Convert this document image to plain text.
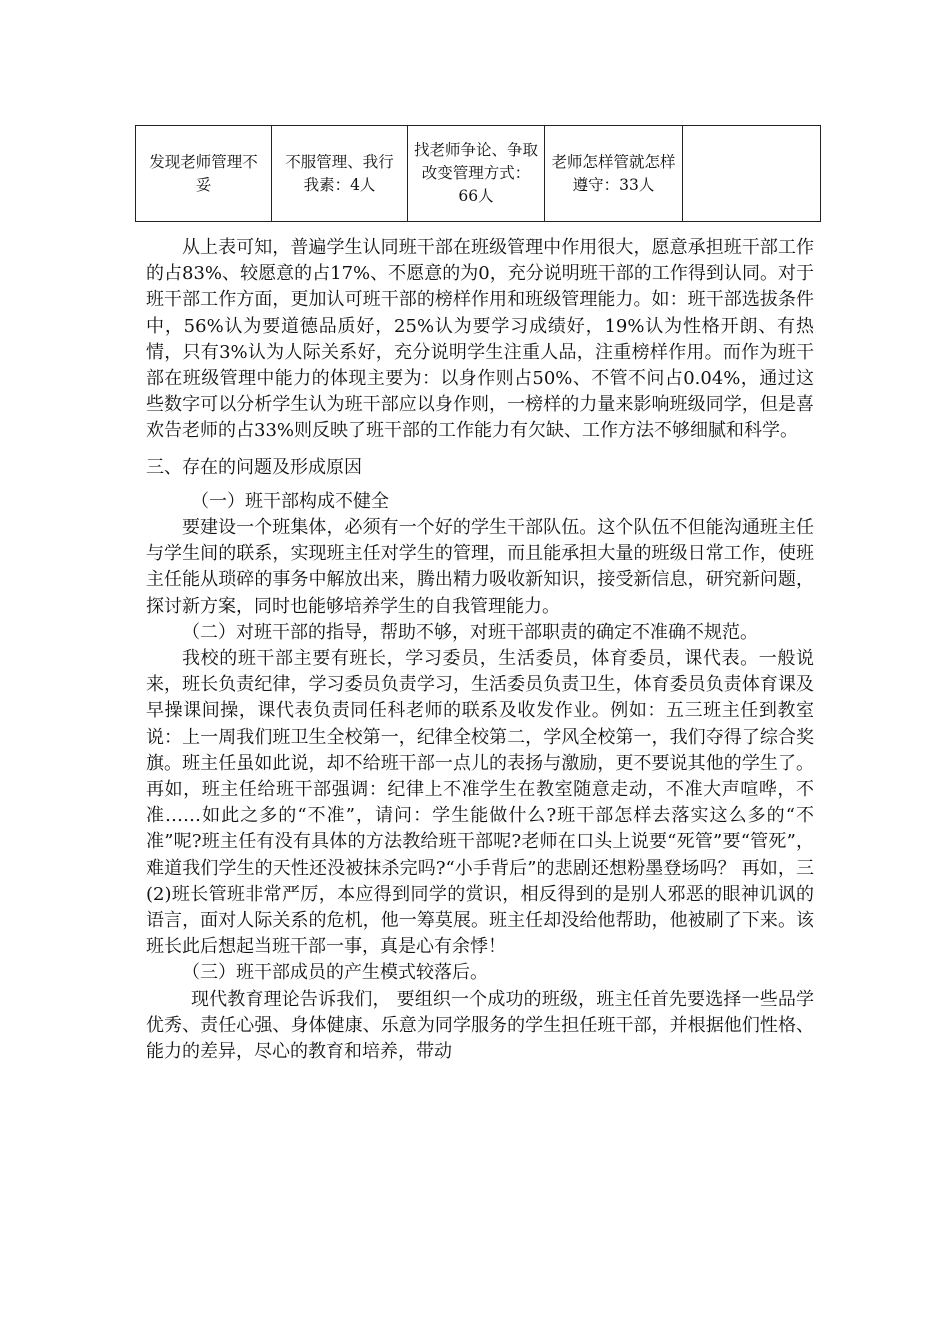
发现老师管理不妥	不服管理、我行我素：4人	找老师争论、争取改变管理方式：66人	老师怎样管就怎样遵守：33人	

从上表可知，普遍学生认同班干部在班级管理中作用很大，愿意承担班干部工作的占83%、较愿意的占17%、不愿意的为0，充分说明班干部的工作得到认同。对于班干部工作方面，更加认可班干部的榜样作用和班级管理能力。如：班干部选拔条件中，56%认为要道德品质好，25%认为要学习成绩好，19%认为性格开朗、有热情，只有3%认为人际关系好，充分说明学生注重人品，注重榜样作用。而作为班干部在班级管理中能力的体现主要为：以身作则占50%、不管不问占0.04%，通过这些数字可以分析学生认为班干部应以身作则，一榜样的力量来影响班级同学，但是喜欢告老师的占33%则反映了班干部的工作能力有欠缺、工作方法不够细腻和科学。

三、存在的问题及形成原因

（一）班干部构成不健全

要建设一个班集体，必须有一个好的学生干部队伍。这个队伍不但能沟通班主任与学生间的联系，实现班主任对学生的管理，而且能承担大量的班级日常工作，使班主任能从琐碎的事务中解放出来，腾出精力吸收新知识，接受新信息，研究新问题，探讨新方案，同时也能够培养学生的自我管理能力。

（二）对班干部的指导，帮助不够，对班干部职责的确定不准确不规范。

我校的班干部主要有班长，学习委员，生活委员，体育委员，课代表。一般说来，班长负责纪律，学习委员负责学习，生活委员负责卫生，体育委员负责体育课及早操课间操，课代表负责同任科老师的联系及收发作业。例如：五三班主任到教室说：上一周我们班卫生全校第一，纪律全校第二，学风全校第一，我们夺得了综合奖旗。班主任虽如此说，却不给班干部一点儿的表扬与激励，更不要说其他的学生了。再如，班主任给班干部强调：纪律上不准学生在教室随意走动，不准大声喧哗，不准……如此之多的“不准”，请问：学生能做什么?班干部怎样去落实这么多的“不准”呢?班主任有没有具体的方法教给班干部呢?老师在口头上说要“死管”要“管死”， 难道我们学生的天性还没被抹杀完吗?“小手背后”的悲剧还想粉墨登场吗？ 再如，三(2)班长管班非常严厉，本应得到同学的赏识，相反得到的是别人邪恶的眼神讥讽的语言，面对人际关系的危机，他一筹莫展。班主任却没给他帮助，他被刷了下来。该班长此后想起当班干部一事，真是心有余悸！

（三）班干部成员的产生模式较落后。

现代教育理论告诉我们， 要组织一个成功的班级，班主任首先要选择一些品学优秀、责任心强、身体健康、乐意为同学服务的学生担任班干部，并根据他们性格、能力的差异，尽心的教育和培养，带动
